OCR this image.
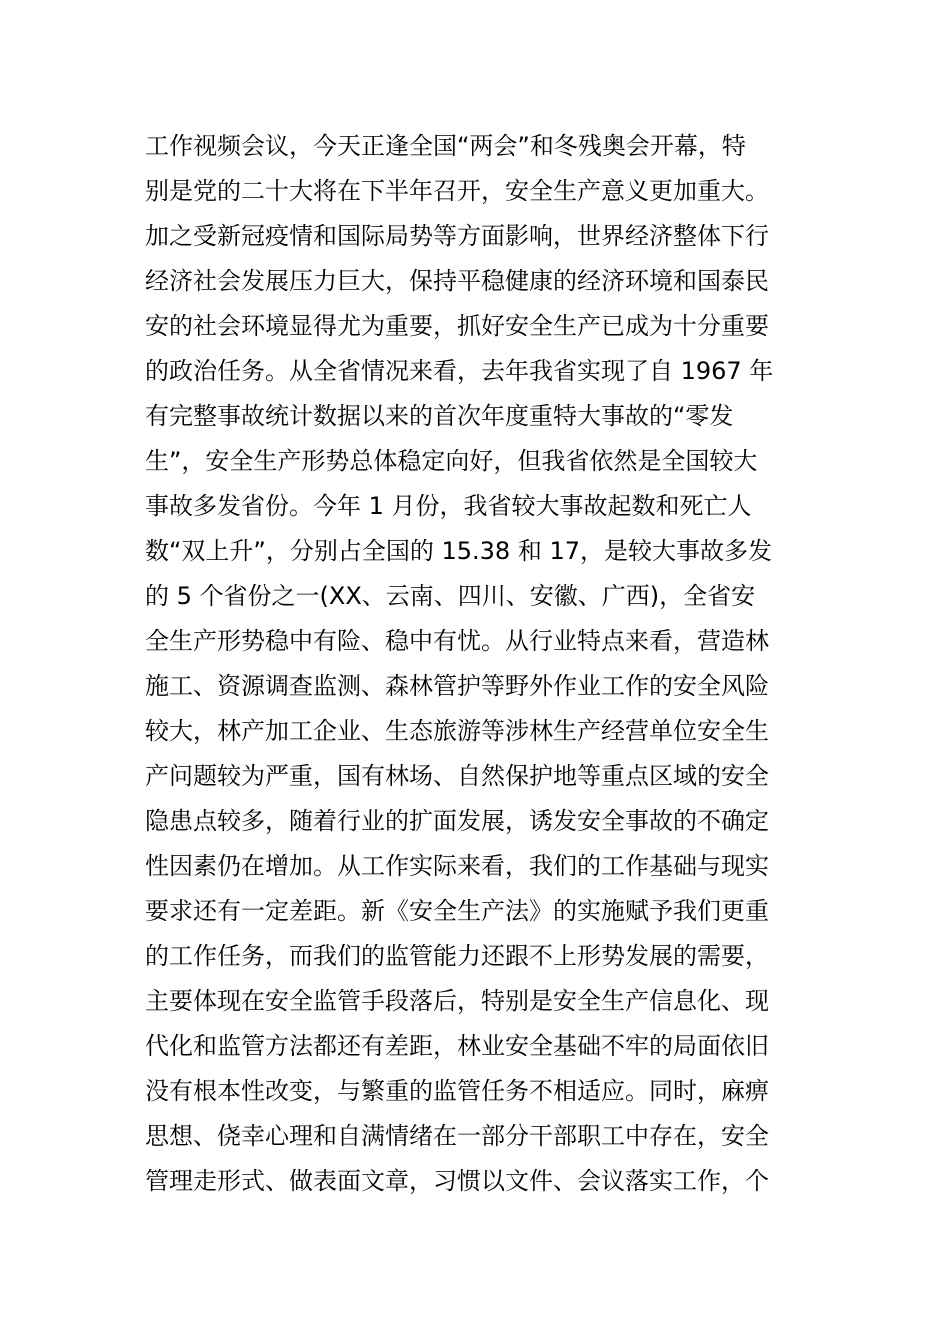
工作视频会议，今天正逢全国“两会”和冬残奥会开幕，特
别是党的二十大将在下半年召开，安全生产意义更加重大。
加之受新冠疫情和国际局势等方面影响，世界经济整体下行
经济社会发展压力巨大，保持平稳健康的经济环境和国泰民
安的社会环境显得尤为重要，抓好安全生产已成为十分重要
的政治任务。从全省情况来看，去年我省实现了自 1967 年
有完整事故统计数据以来的首次年度重特大事故的“零发
生”，安全生产形势总体稳定向好，但我省依然是全国较大
事故多发省份。今年 1 月份，我省较大事故起数和死亡人
数“双上升”，分别占全国的 15.38 和 17，是较大事故多发
的 5 个省份之一(XX、云南、四川、安徽、广西)，全省安
全生产形势稳中有险、稳中有忧。从行业特点来看，营造林
施工、资源调查监测、森林管护等野外作业工作的安全风险
较大，林产加工企业、生态旅游等涉林生产经营单位安全生
产问题较为严重，国有林场、自然保护地等重点区域的安全
隐患点较多，随着行业的扩面发展，诱发安全事故的不确定
性因素仍在增加。从工作实际来看，我们的工作基础与现实
要求还有一定差距。新《安全生产法》的实施赋予我们更重
的工作任务，而我们的监管能力还跟不上形势发展的需要，
主要体现在安全监管手段落后，特别是安全生产信息化、现
代化和监管方法都还有差距，林业安全基础不牢的局面依旧
没有根本性改变，与繁重的监管任务不相适应。同时，麻痹
思想、侥幸心理和自满情绪在一部分干部职工中存在，安全
管理走形式、做表面文章，习惯以文件、会议落实工作，个
